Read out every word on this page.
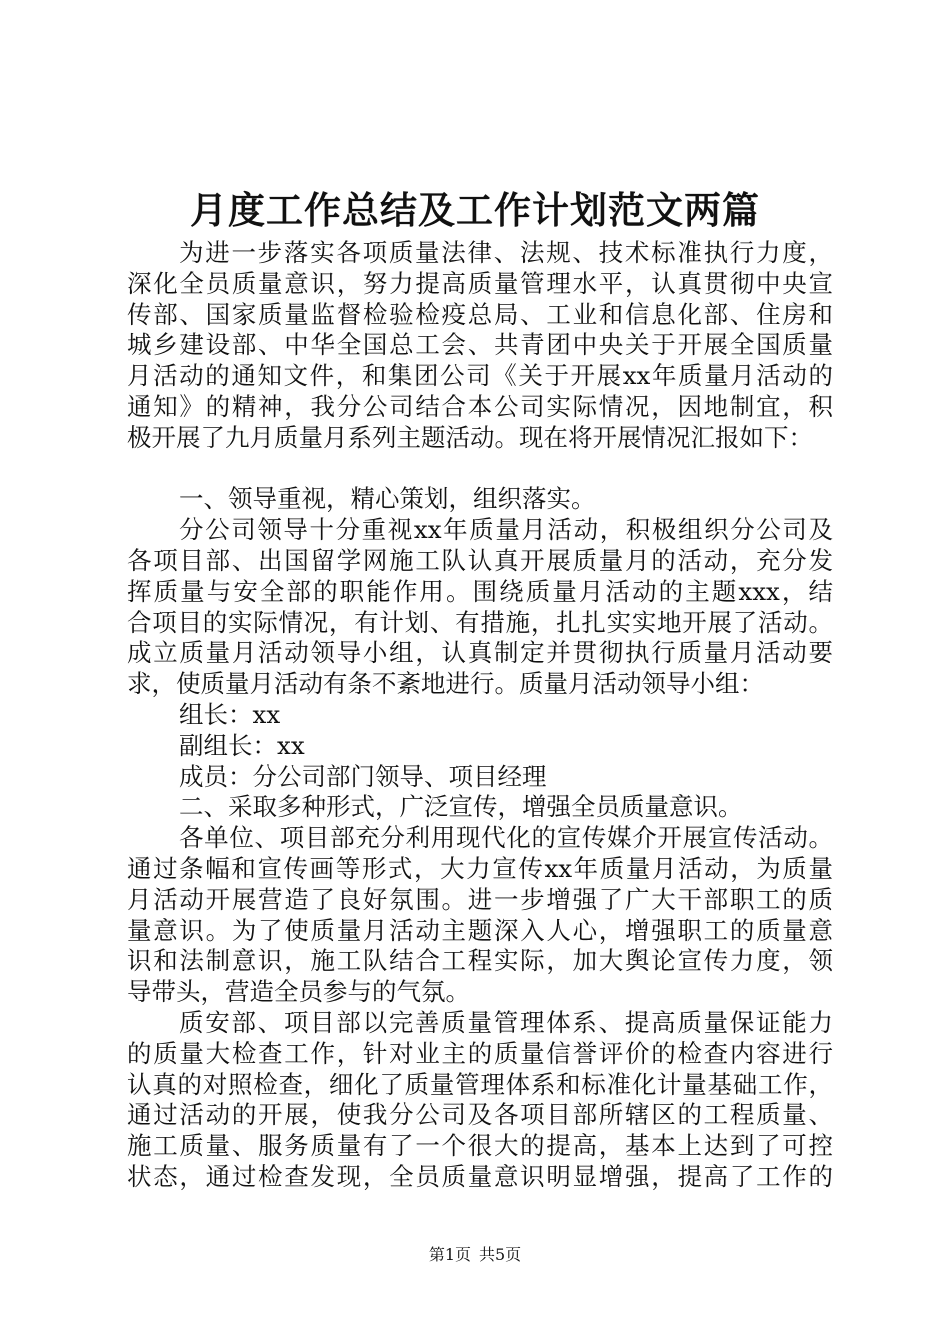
月度工作总结及工作计划范文两篇
为进一步落实各项质量法律、法规、技术标准执行力度，
深化全员质量意识，努力提高质量管理水平，认真贯彻中央宣
传部、国家质量监督检验检疫总局、工业和信息化部、住房和
城乡建设部、中华全国总工会、共青团中央关于开展全国质量
月活动的通知文件，和集团公司《关于开展xx年质量月活动的
通知》的精神，我分公司结合本公司实际情况，因地制宜，积
极开展了九月质量月系列主题活动。现在将开展情况汇报如下：
一、领导重视，精心策划，组织落实。
分公司领导十分重视xx年质量月活动，积极组织分公司及
各项目部、出国留学网施工队认真开展质量月的活动，充分发
挥质量与安全部的职能作用。围绕质量月活动的主题xxx，结
合项目的实际情况，有计划、有措施，扎扎实实地开展了活动。
成立质量月活动领导小组，认真制定并贯彻执行质量月活动要
求，使质量月活动有条不紊地进行。质量月活动领导小组：
组长：xx
副组长：xx
成员：分公司部门领导、项目经理
二、采取多种形式，广泛宣传，增强全员质量意识。
各单位、项目部充分利用现代化的宣传媒介开展宣传活动。
通过条幅和宣传画等形式，大力宣传xx年质量月活动，为质量
月活动开展营造了良好氛围。进一步增强了广大干部职工的质
量意识。为了使质量月活动主题深入人心，增强职工的质量意
识和法制意识，施工队结合工程实际，加大舆论宣传力度，领
导带头，营造全员参与的气氛。
质安部、项目部以完善质量管理体系、提高质量保证能力
的质量大检查工作，针对业主的质量信誉评价的检查内容进行
认真的对照检查，细化了质量管理体系和标准化计量基础工作，
通过活动的开展，使我分公司及各项目部所辖区的工程质量、
施工质量、服务质量有了一个很大的提高，基本上达到了可控
状态，通过检查发现，全员质量意识明显增强，提高了工作的
第1页 共5页
